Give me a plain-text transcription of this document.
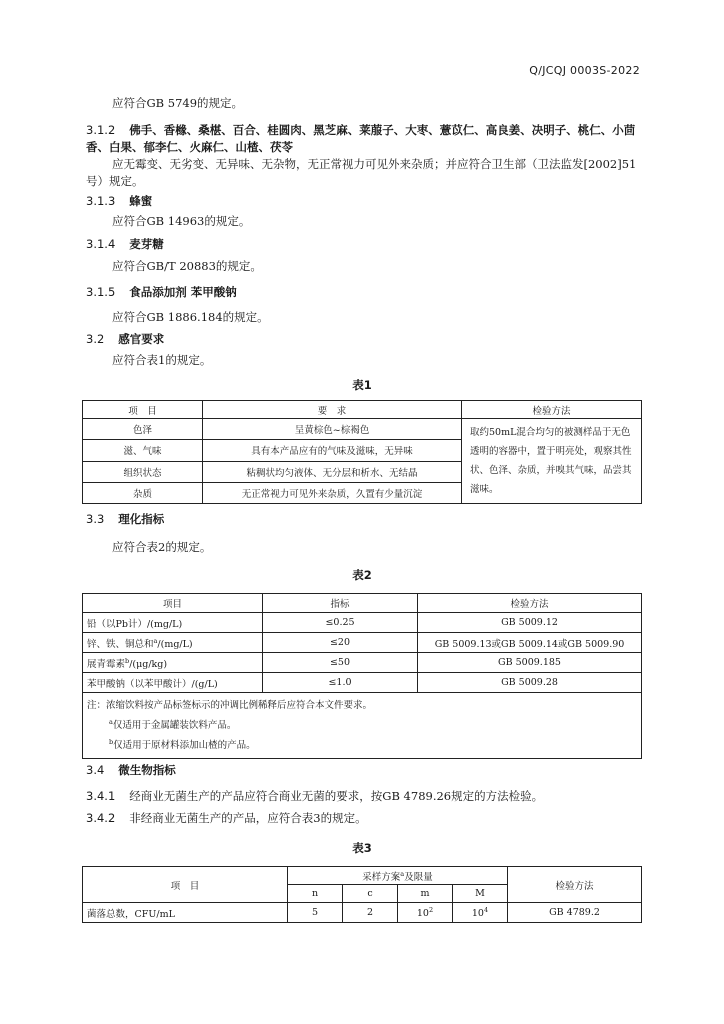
Q/JCQJ 0003S-2022
应符合GB 5749的规定。
3.1.2 佛手、香橼、桑椹、百合、桂圆肉、黑芝麻、莱菔子、大枣、薏苡仁、高良姜、决明子、桃仁、小茴香、白果、郁李仁、火麻仁、山楂、茯苓
应无霉变、无劣变、无异味、无杂物，无正常视力可见外来杂质；并应符合卫生部（卫法监发[2002]51号）规定。
3.1.3 蜂蜜
应符合GB 14963的规定。
3.1.4 麦芽糖
应符合GB/T 20883的规定。
3.1.5 食品添加剂 苯甲酸钠
应符合GB 1886.184的规定。
3.2 感官要求
应符合表1的规定。
表1
项　目	要　求	检验方法
色泽	呈黄棕色~棕褐色	取约50mL混合均匀的被测样品于无色透明的容器中，置于明亮处，观察其性状、色泽、杂质，并嗅其气味，品尝其滋味。
滋、气味	具有本产品应有的气味及滋味，无异味	
组织状态	粘稠状均匀液体、无分层和析水、无结晶	
杂质	无正常视力可见外来杂质，久置有少量沉淀	
3.3 理化指标
应符合表2的规定。
表2
项目	指标	检验方法
铅（以Pb计）/(mg/L)	≤0.25	GB 5009.12
锌、铁、铜总和$^a$/(mg/L)	≤20	GB 5009.13或GB 5009.14或GB 5009.90
展青霉素$^b$/(μg/kg)	≤50	GB 5009.185
苯甲酸钠（以苯甲酸计）/(g/L)	≤1.0	GB 5009.28

注：浓缩饮料按产品标签标示的冲调比例稀释后应符合本文件要求。
$^a$仅适用于金属罐装饮料产品。
$^b$仅适用于原材料添加山楂的产品。		
3.4 微生物指标
3.4.1 经商业无菌生产的产品应符合商业无菌的要求，按GB 4789.26规定的方法检验。
3.4.2 非经商业无菌生产的产品，应符合表3的规定。
表3
项　目	采样方案$^a$及限量				检验方法
	n	c	m	M	
菌落总数，CFU/mL	5	2	$10^2$	$10^4$	GB 4789.2
